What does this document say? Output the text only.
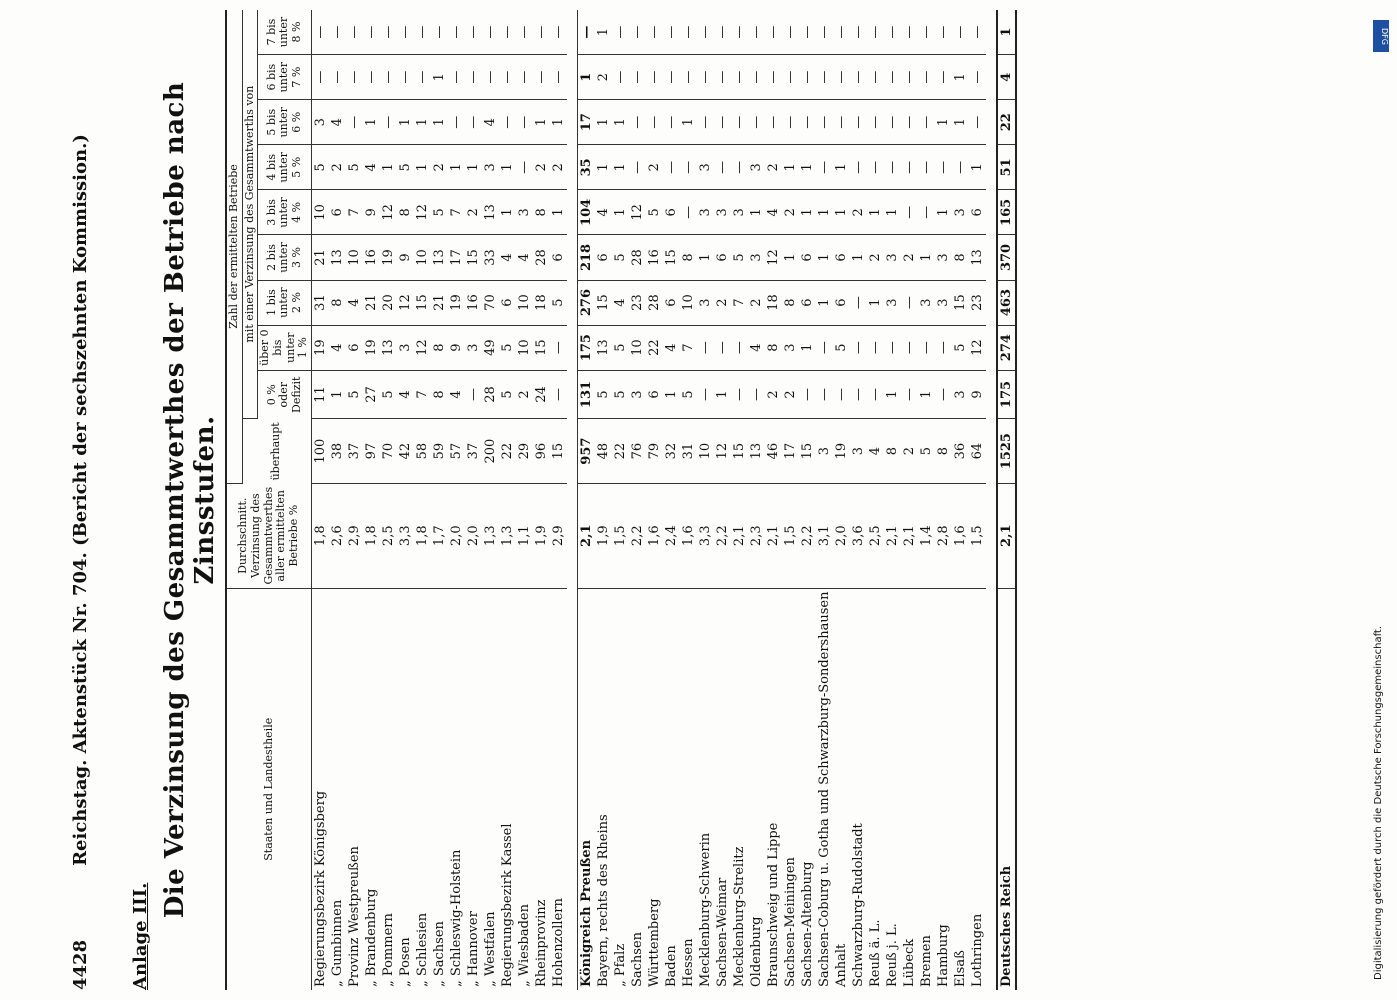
4428
Reichstag. Aktenstück Nr. 704. (Bericht der sechszehnten Kommission.)
Anlage III.
Die Verzinsung des Gesammtwerthes der Betriebe nach Zinsstufen.
Staaten und Landestheile	Durchschnitt. Verzinsung des Gesammtwerthes aller ermittelten Betriebe %	Zahl der ermittelten Betriebe									
		überhaupt	mit einer Verzinsung des Gesammtwerths von								
			0 % oder Defizit	über 0 bis unter 1 %	1 bis unter 2 %	2 bis unter 3 %	3 bis unter 4 %	4 bis unter 5 %	5 bis unter 6 %	6 bis unter 7 %	7 bis unter 8 %
Regierungsbezirk Königsberg	1,8	100	11	19	31	21	10	5	3	—	—
„ Gumbinnen	2,6	38	1	4	8	13	6	2	4	—	—
Provinz Westpreußen	2,9	37	5	6	4	10	7	5	—	—	—
„ Brandenburg	1,8	97	27	19	21	16	9	4	1	—	—
„ Pommern	2,5	70	5	13	20	19	12	1	—	—	—
„ Posen	3,3	42	4	3	12	9	8	5	1	—	—
„ Schlesien	1,8	58	7	12	15	10	12	1	1	—	—
„ Sachsen	1,7	59	8	8	21	13	5	2	1	1	—
„ Schleswig-Holstein	2,0	57	4	9	19	17	7	1	—	—	—
„ Hannover	2,0	37	—	3	16	15	2	1	—	—	—
„ Westfalen	1,3	200	28	49	70	33	13	3	4	—	—
Regierungsbezirk Kassel	1,3	22	5	5	6	4	1	1	—	—	—
„ Wiesbaden	1,1	29	2	10	10	4	3	—	—	—	—
Rheinprovinz	1,9	96	24	15	18	28	8	2	1	—	—
Hohenzollern	2,9	15	—	—	5	6	1	2	1	—	—

Königreich Preußen	2,1	957	131	175	276	218	104	35	17	1	—
Bayern, rechts des Rheins	1,9	48	5	13	15	6	4	1	1	2	1
„ Pfalz	1,5	22	5	5	4	5	1	1	1	—	—
Sachsen	2,2	76	3	10	23	28	12	—	—	—	—
Württemberg	1,6	79	6	22	28	16	5	2	—	—	—
Baden	2,4	32	1	4	6	15	6	—	—	—	—
Hessen	1,6	31	5	7	10	8	—	—	1	—	—
Mecklenburg-Schwerin	3,3	10	—	—	3	1	3	3	—	—	—
Sachsen-Weimar	2,2	12	1	—	2	6	3	—	—	—	—
Mecklenburg-Strelitz	2,1	15	—	—	7	5	3	—	—	—	—
Oldenburg	2,3	13	—	4	2	3	1	3	—	—	—
Braunschweig und Lippe	2,1	46	2	8	18	12	4	2	—	—	—
Sachsen-Meiningen	1,5	17	2	3	8	1	2	1	—	—	—
Sachsen-Altenburg	2,2	15	—	1	6	6	1	1	—	—	—
Sachsen-Coburg u. Gotha und Schwarzburg-Sondershausen	3,1	3	—	—	1	1	1	—	—	—	—
Anhalt	2,0	19	—	5	6	6	1	1	—	—	—
Schwarzburg-Rudolstadt	3,6	3	—	—	—	1	2	—	—	—	—
Reuß ä. L.	2,5	4	—	—	1	2	1	—	—	—	—
Reuß j. L.	2,1	8	1	—	3	3	1	—	—	—	—
Lübeck	2,1	2	—	—	—	2	—	—	—	—	—
Bremen	1,4	5	1	—	3	1	—	—	—	—	—
Hamburg	2,8	8	—	—	3	3	1	—	1	—	—
Elsaß	1,6	36	3	5	15	8	3	—	1	1	—
Lothringen	1,5	64	9	12	23	13	6	1	—	—	—

Deutsches Reich	2,1	1525	175	274	463	370	165	51	22	4	1	DFG
Digitalisierung gefördert durch die Deutsche Forschungsgemeinschaft.
